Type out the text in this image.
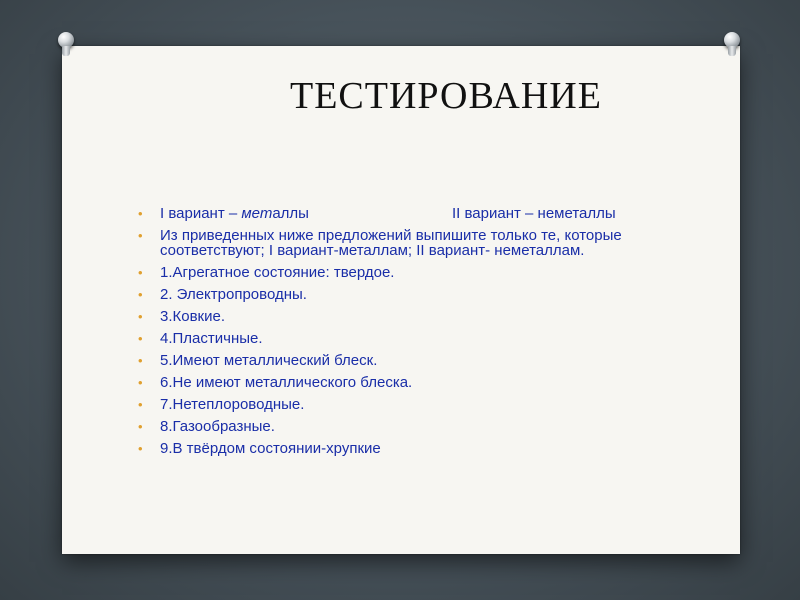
ТЕСТИРОВАНИЕ
• I вариант – металлы	II вариант – неметаллы
• Из приведенных ниже предложений выпишите только те, которые соответствуют; I вариант-металлам; II вариант- неметаллам.
• 1.Агрегатное состояние: твердое.
• 2. Электропроводны.
• 3.Ковкие.
• 4.Пластичные.
• 5.Имеют металлический блеск.
• 6.Не имеют металлического блеска.
• 7.Нетеплороводные.
• 8.Газообразные.
• 9.В твёрдом состоянии-хрупкие
